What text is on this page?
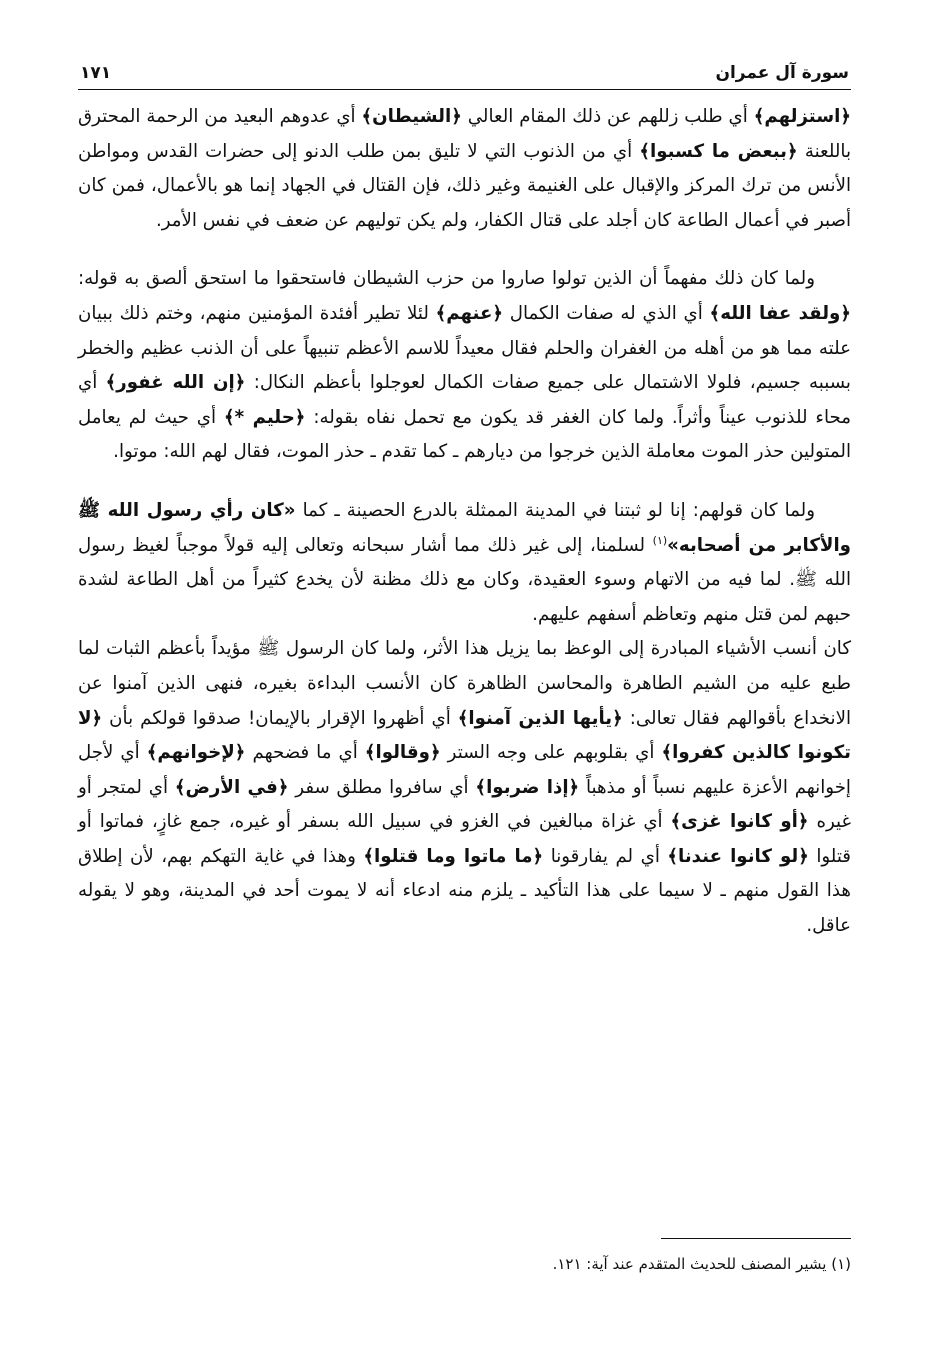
سورة آل عمران
١٧١

﴿استزلهم﴾ أي طلب زللهم عن ذلك المقام العالي ﴿الشيطان﴾ أي عدوهم البعيد من الرحمة المحترق باللعنة ﴿ببعض ما كسبوا﴾ أي من الذنوب التي لا تليق بمن طلب الدنو إلى حضرات القدس ومواطن الأنس من ترك المركز والإقبال على الغنيمة وغير ذلك، فإن القتال في الجهاد إنما هو بالأعمال، فمن كان أصبر في أعمال الطاعة كان أجلد على قتال الكفار، ولم يكن توليهم عن ضعف في نفس الأمر.

ولما كان ذلك مفهماً أن الذين تولوا صاروا من حزب الشيطان فاستحقوا ما استحق ألصق به قوله: ﴿ولقد عفا الله﴾ أي الذي له صفات الكمال ﴿عنهم﴾ لئلا تطير أفئدة المؤمنين منهم، وختم ذلك ببيان علته مما هو من أهله من الغفران والحلم فقال معيداً للاسم الأعظم تنبيهاً على أن الذنب عظيم والخطر بسببه جسيم، فلولا الاشتمال على جميع صفات الكمال لعوجلوا بأعظم النكال: ﴿إن الله غفور﴾ أي محاء للذنوب عيناً وأثراً. ولما كان الغفر قد يكون مع تحمل نفاه بقوله: ﴿حليم *﴾ أي حيث لم يعامل المتولين حذر الموت معاملة الذين خرجوا من ديارهم ـ كما تقدم ـ حذر الموت، فقال لهم الله: موتوا.

ولما كان قولهم: إنا لو ثبتنا في المدينة الممثلة بالدرع الحصينة ـ كما «كان رأي رسول الله ﷺ والأكابر من أصحابه»$^{(١)}$ لسلمنا، إلى غير ذلك مما أشار سبحانه وتعالى إليه قولاً موجباً لغيظ رسول الله ﷺ. لما فيه من الاتهام وسوء العقيدة، وكان مع ذلك مظنة لأن يخدع كثيراً من أهل الطاعة لشدة حبهم لمن قتل منهم وتعاظم أسفهم عليهم.

كان أنسب الأشياء المبادرة إلى الوعظ بما يزيل هذا الأثر، ولما كان الرسول ﷺ مؤيداً بأعظم الثبات لما طبع عليه من الشيم الطاهرة والمحاسن الظاهرة كان الأنسب البداءة بغيره، فنهى الذين آمنوا عن الانخداع بأقوالهم فقال تعالى: ﴿يأيها الذين آمنوا﴾ أي أظهروا الإقرار بالإيمان! صدقوا قولكم بأن ﴿لا تكونوا كالذين كفروا﴾ أي بقلوبهم على وجه الستر ﴿وقالوا﴾ أي ما فضحهم ﴿لإخوانهم﴾ أي لأجل إخوانهم الأعزة عليهم نسباً أو مذهباً ﴿إذا ضربوا﴾ أي سافروا مطلق سفر ﴿في الأرض﴾ أي لمتجر أو غيره ﴿أو كانوا غزى﴾ أي غزاة مبالغين في الغزو في سبيل الله بسفر أو غيره، جمع غازٍ، فماتوا أو قتلوا ﴿لو كانوا عندنا﴾ أي لم يفارقونا ﴿ما ماتوا وما قتلوا﴾ وهذا في غاية التهكم بهم، لأن إطلاق هذا القول منهم ـ لا سيما على هذا التأكيد ـ يلزم منه ادعاء أنه لا يموت أحد في المدينة، وهو لا يقوله عاقل.

(١) يشير المصنف للحديث المتقدم عند آية: ١٢١.
